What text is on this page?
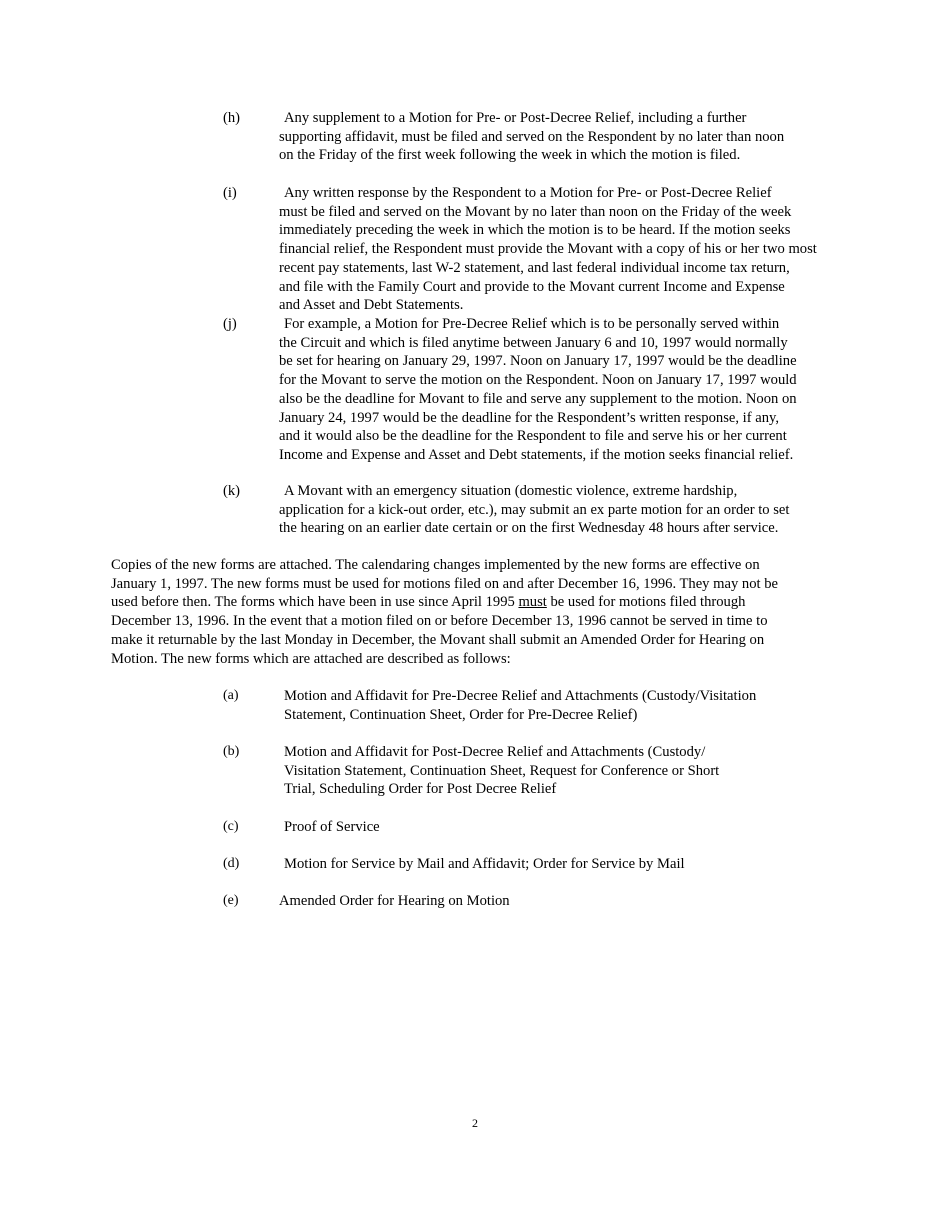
(h)	Any supplement to a Motion for Pre- or Post-Decree Relief, including a further
supporting affidavit, must be filed and served on the Respondent by no later than noon
on the Friday of the first week following the week in which the motion is filed.
(i)	Any written response by the Respondent to a Motion for Pre- or Post-Decree Relief
must be filed and served on the Movant by no later than noon on the Friday of the week
immediately preceding the week in which the motion is to be heard. If the motion seeks
financial relief, the Respondent must provide the Movant with a copy of his or her two most
recent pay statements, last W-2 statement, and last federal individual income tax return,
and file with the Family Court and provide to the Movant current Income and Expense
and Asset and Debt Statements.
(j)	For example, a Motion for Pre-Decree Relief which is to be personally served within
the Circuit and which is filed anytime between January 6 and 10, 1997 would normally
be set for hearing on January 29, 1997. Noon on January 17, 1997 would be the deadline
for the Movant to serve the motion on the Respondent. Noon on January 17, 1997 would
also be the deadline for Movant to file and serve any supplement to the motion. Noon on
January 24, 1997 would be the deadline for the Respondent’s written response, if any,
and it would also be the deadline for the Respondent to file and serve his or her current
Income and Expense and Asset and Debt statements, if the motion seeks financial relief.
(k)	A Movant with an emergency situation (domestic violence, extreme hardship,
application for a kick-out order, etc.), may submit an ex parte motion for an order to set
the hearing on an earlier date certain or on the first Wednesday 48 hours after service.
Copies of the new forms are attached. The calendaring changes implemented by the new forms are effective on
January 1, 1997. The new forms must be used for motions filed on and after December 16, 1996. They may not be
used before then. The forms which have been in use since April 1995 must be used for motions filed through
December 13, 1996. In the event that a motion filed on or before December 13, 1996 cannot be served in time to
make it returnable by the last Monday in December, the Movant shall submit an Amended Order for Hearing on
Motion. The new forms which are attached are described as follows:
(a)	Motion and Affidavit for Pre-Decree Relief and Attachments (Custody/Visitation
Statement, Continuation Sheet, Order for Pre-Decree Relief)
(b)	Motion and Affidavit for Post-Decree Relief and Attachments (Custody/
Visitation Statement, Continuation Sheet, Request for Conference or Short
Trial, Scheduling Order for Post Decree Relief
(c)	Proof of Service
(d)	Motion for Service by Mail and Affidavit; Order for Service by Mail
(e)	Amended Order for Hearing on Motion
2
